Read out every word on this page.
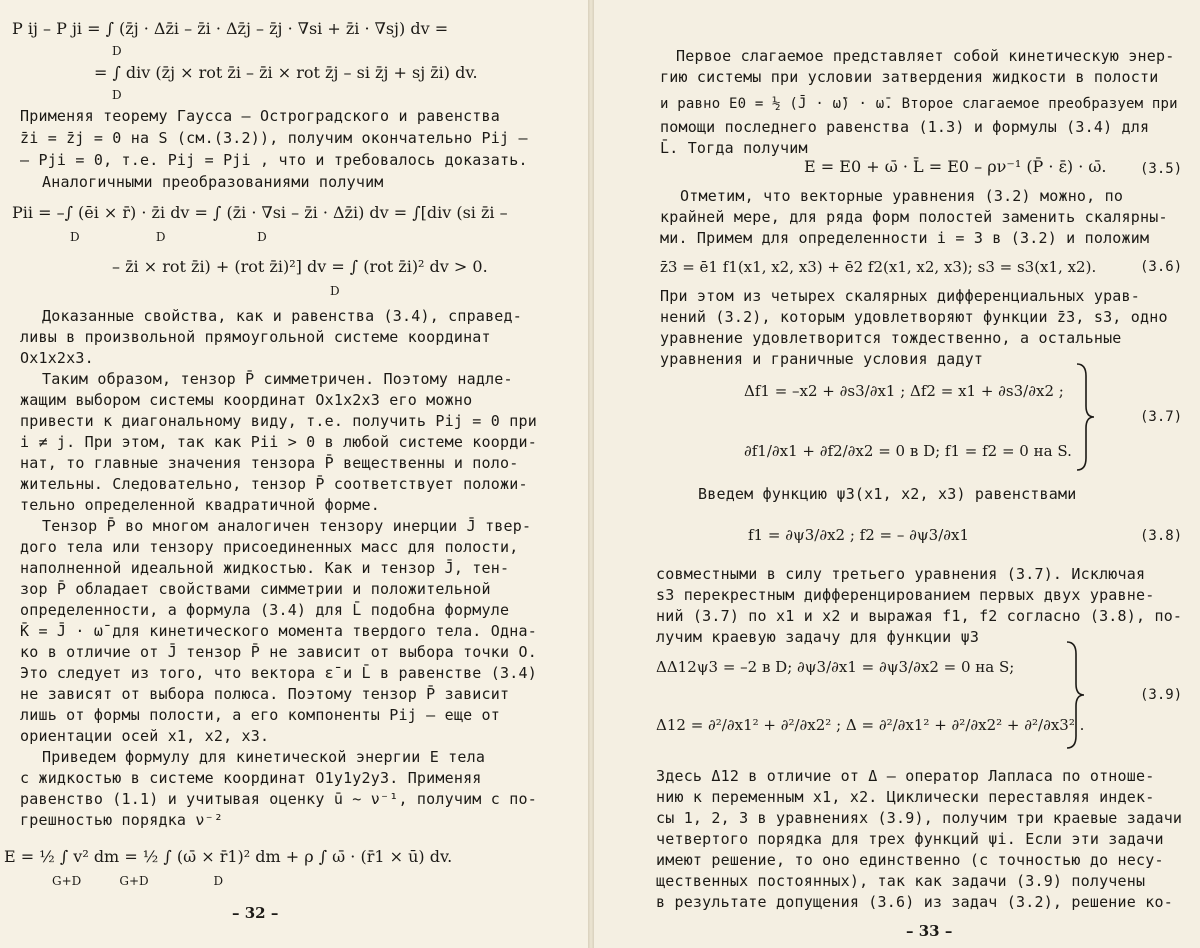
P ij – P ji = ∫ (z̄j · Δz̄i – z̄i · Δz̄j – z̄j · ∇si + z̄i · ∇sj) dv =
D
= ∫ div (z̄j × rot z̄i – z̄i × rot z̄j – si z̄j + sj z̄i) dv.
D
Применяя теорему Гаусса – Остроградского и равенства
z̄i = z̄j = 0 на S (см.(3.2)), получим окончательно Pij –
– Pji = 0, т.е. Pij = Pji , что и требовалось доказать.
Аналогичными преобразованиями получим
Pii = –∫ (ēi × r̄) · z̄i dv = ∫ (z̄i · ∇si – z̄i · Δz̄i) dv = ∫[div (si z̄i –
D                    D                        D
– z̄i × rot z̄i) + (rot z̄i)²] dv = ∫ (rot z̄i)² dv > 0.
D
Доказанные свойства, как и равенства (3.4), справед-
ливы в произвольной прямоугольной системе координат
Ox1x2x3.
Таким образом, тензор P̄ симметричен. Поэтому надле-
жащим выбором системы координат Ox1x2x3 его можно
привести к диагональному виду, т.е. получить Pij = 0 при
i ≠ j. При этом, так как Pii > 0 в любой системе коорди-
нат, то главные значения тензора P̄ вещественны и поло-
жительны. Следовательно, тензор P̄ соответствует положи-
тельно определенной квадратичной форме.
Тензор P̄ во многом аналогичен тензору инерции J̄ твер-
дого тела или тензору присоединенных масс для полости,
наполненной идеальной жидкостью. Как и тензор J̄, тен-
зор P̄ обладает свойствами симметрии и положительной
определенности, а формула (3.4) для L̄ подобна формуле
K̄ = J̄ · ω̄ для кинетического момента твердого тела. Одна-
ко в отличие от J̄ тензор P̄ не зависит от выбора точки O.
Это следует из того, что вектора ε̄ и L̄ в равенстве (3.4)
не зависят от выбора полюса. Поэтому тензор P̄ зависит
лишь от формы полости, а его компоненты Pij – еще от
ориентации осей x1, x2, x3.
Приведем формулу для кинетической энергии E тела
с жидкостью в системе координат O1y1y2y3. Применяя
равенство (1.1) и учитывая оценку ū ~ ν⁻¹, получим с по-
грешностью порядка ν⁻²
E = ½ ∫ v² dm = ½ ∫ (ω̄ × r̄1)² dm + ρ ∫ ω̄ · (r̄1 × ū) dv.
G+D          G+D                 D
– 32 –
Первое слагаемое представляет собой кинетическую энер-
гию системы при условии затвердения жидкости в полости
и равно E0 = ½ (J̄ · ω̄) · ω̄. Второе слагаемое преобразуем при
помощи последнего равенства (1.3) и формулы (3.4) для
L̄. Тогда получим
E = E0 + ω̄ · L̄ = E0 – ρν⁻¹ (P̄ · ε̄) · ω̄. (3.5)
Отметим, что векторные уравнения (3.2) можно, по
крайней мере, для ряда форм полостей заменить скалярны-
ми. Примем для определенности i = 3 в (3.2) и положим
z̄3 = ē1 f1(x1, x2, x3) + ē2 f2(x1, x2, x3); s3 = s3(x1, x2).	(3.6)
При этом из четырех скалярных дифференциальных урав-
нений (3.2), которым удовлетворяют функции z̄3, s3, одно
уравнение удовлетворится тождественно, а остальные
уравнения и граничные условия дадут
Δf1 = –x2 + ∂s3/∂x1 ; Δf2 = x1 + ∂s3/∂x2 ;
∂f1/∂x1 + ∂f2/∂x2 = 0 в D; f1 = f2 = 0 на S.
(3.7)
Введем функцию ψ3(x1, x2, x3) равенствами
f1 = ∂ψ3/∂x2 ; f2 = – ∂ψ3/∂x1	(3.8)
совместными в силу третьего уравнения (3.7). Исключая
s3 перекрестным дифференцированием первых двух уравне-
ний (3.7) по x1 и x2 и выражая f1, f2 согласно (3.8), по-
лучим краевую задачу для функции ψ3
ΔΔ12ψ3 = –2 в D; ∂ψ3/∂x1 = ∂ψ3/∂x2 = 0 на S;
Δ12 = ∂²/∂x1² + ∂²/∂x2² ; Δ = ∂²/∂x1² + ∂²/∂x2² + ∂²/∂x3² .
(3.9)
Здесь Δ12 в отличие от Δ – оператор Лапласа по отноше-
нию к переменным x1, x2. Циклически переставляя индек-
сы 1, 2, 3 в уравнениях (3.9), получим три краевые задачи
четвертого порядка для трех функций ψi. Если эти задачи
имеют решение, то оно единственно (с точностью до несу-
щественных постоянных), так как задачи (3.9) получены
в результате допущения (3.6) из задач (3.2), решение ко-
– 33 –
